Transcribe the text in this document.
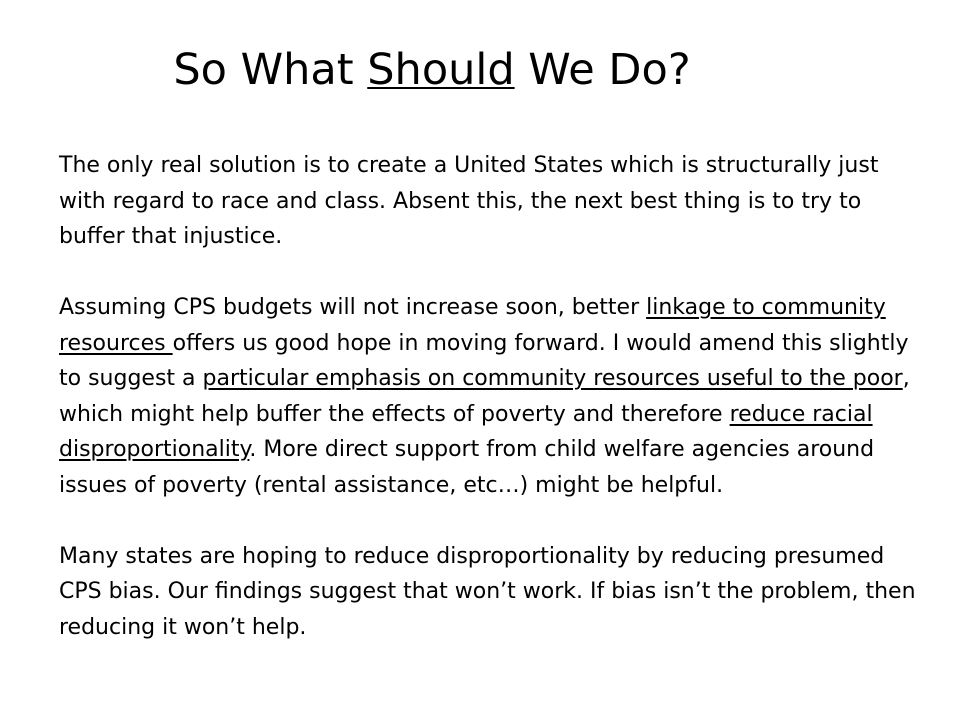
So What Should We Do?

The only real solution is to create a United States which is structurally just with regard to race and class. Absent this, the next best thing is to try to buffer that injustice.

Assuming CPS budgets will not increase soon, better linkage to community resources offers us good hope in moving forward. I would amend this slightly to suggest a particular emphasis on community resources useful to the poor, which might help buffer the effects of poverty and therefore reduce racial disproportionality. More direct support from child welfare agencies around issues of poverty (rental assistance, etc…) might be helpful.

Many states are hoping to reduce disproportionality by reducing presumed CPS bias. Our findings suggest that won’t work. If bias isn’t the problem, then reducing it won’t help.
